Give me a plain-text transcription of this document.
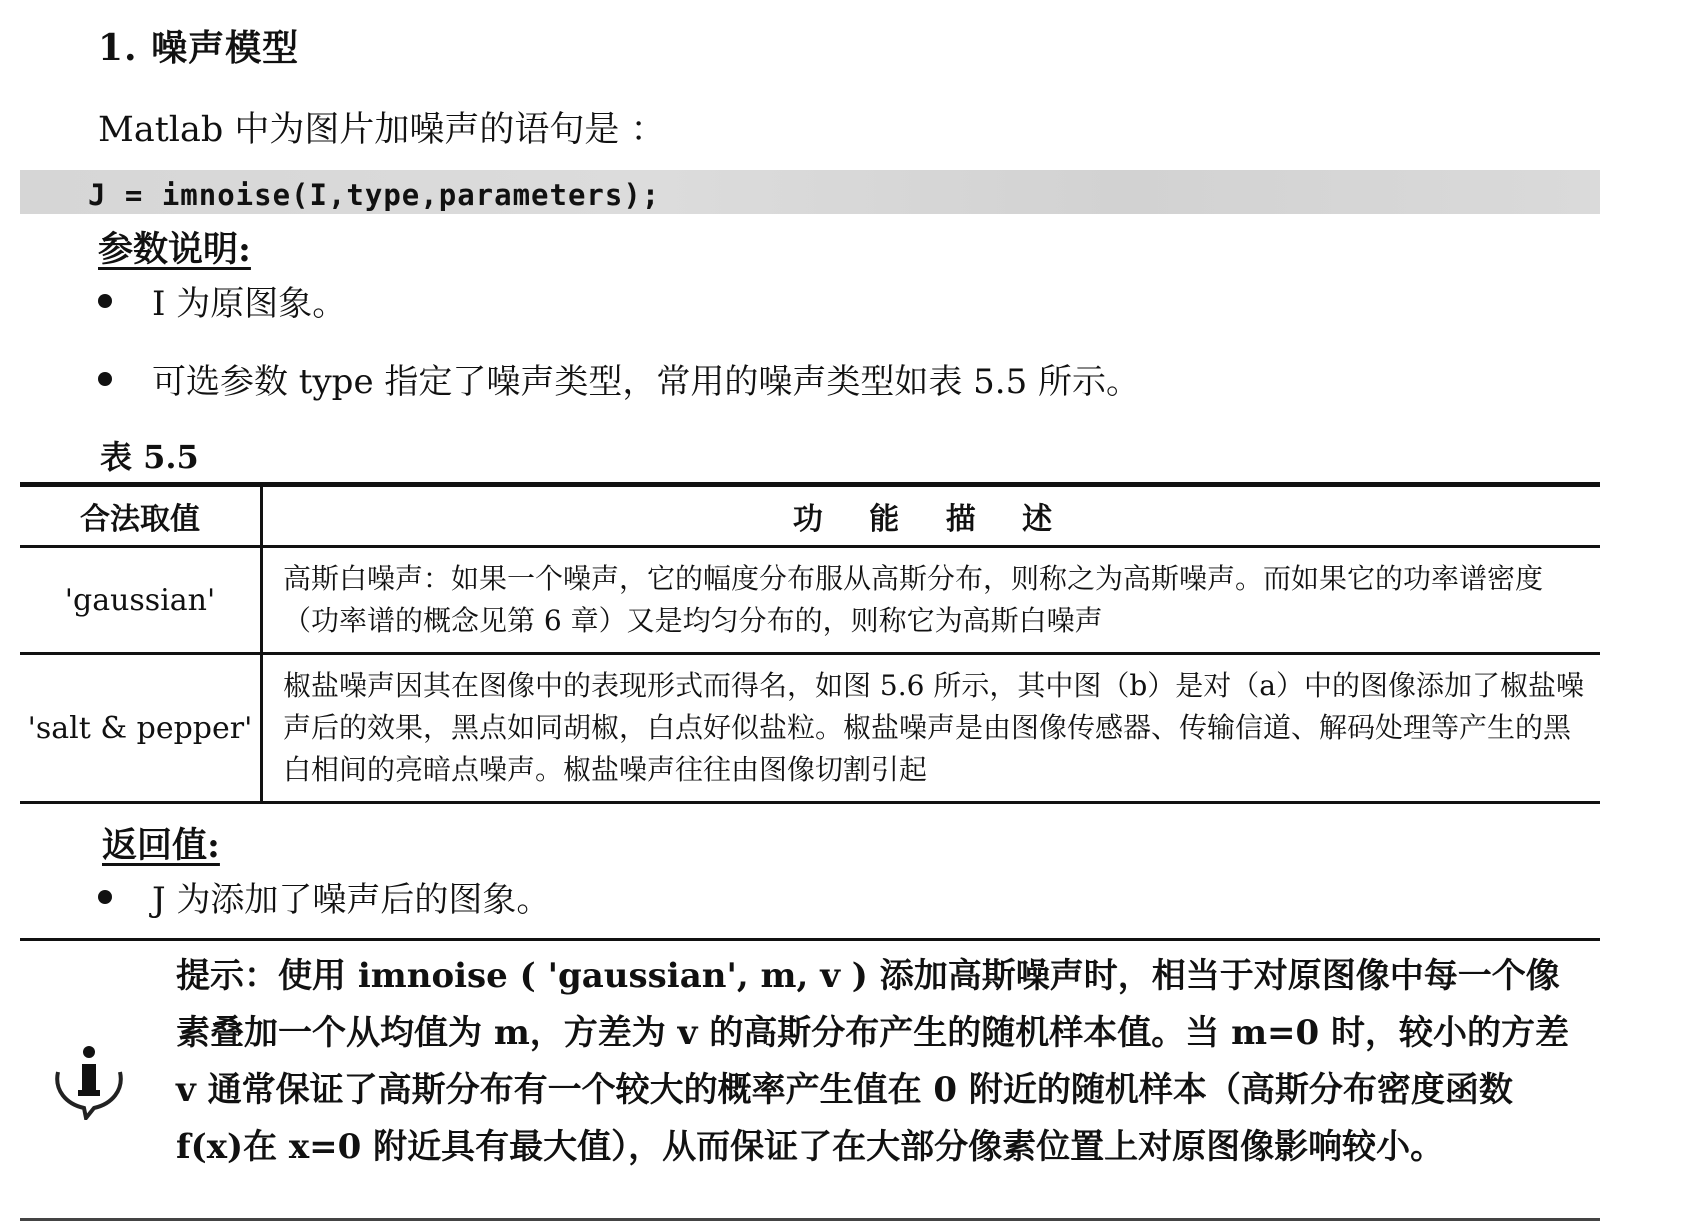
1. 噪声模型
Matlab 中为图片加噪声的语句是 ：
J = imnoise(I,type,parameters);
参数说明:
I 为原图象。
可选参数 type 指定了噪声类型，常用的噪声类型如表 5.5 所示。
表 5.5
合法取值	功 能 描 述
'gaussian'	高斯白噪声：如果一个噪声，它的幅度分布服从高斯分布，则称之为高斯噪声。而如果它的功率谱密度（功率谱的概念见第 6 章）又是均匀分布的，则称它为高斯白噪声
'salt & pepper'	椒盐噪声因其在图像中的表现形式而得名，如图 5.6 所示，其中图（b）是对（a）中的图像添加了椒盐噪声后的效果，黑点如同胡椒，白点好似盐粒。椒盐噪声是由图像传感器、传输信道、解码处理等产生的黑白相间的亮暗点噪声。椒盐噪声往往由图像切割引起
返回值:
J 为添加了噪声后的图象。
提示：使用 imnoise ( 'gaussian', m, v ) 添加高斯噪声时，相当于对原图像中每一个像素叠加一个从均值为 m，方差为 v 的高斯分布产生的随机样本值。当 m=0 时，较小的方差 v 通常保证了高斯分布有一个较大的概率产生值在 0 附近的随机样本（高斯分布密度函数 f(x)在 x=0 附近具有最大值），从而保证了在大部分像素位置上对原图像影响较小。
